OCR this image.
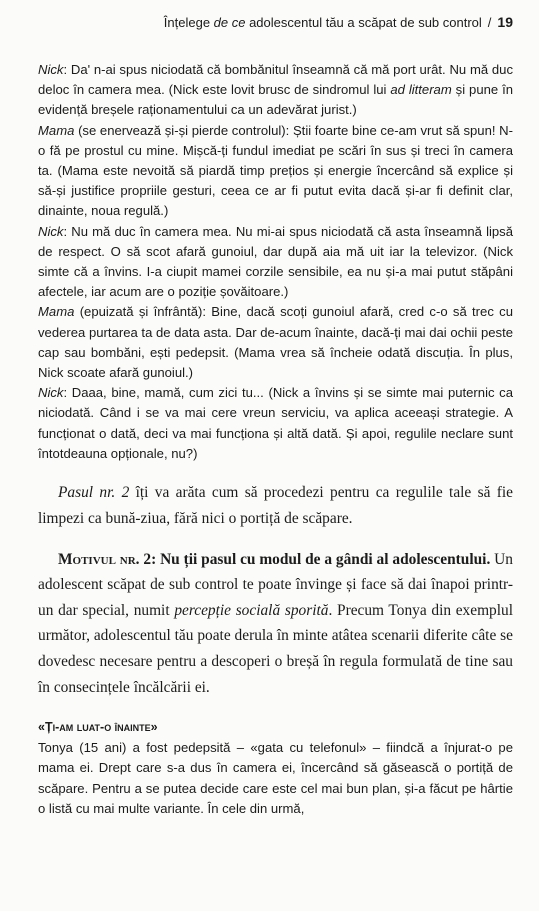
Înțelege de ce adolescentul tău a scăpat de sub control / 19

Nick: Da' n-ai spus niciodată că bombănitul înseamnă că mă port urât. Nu mă duc deloc în camera mea. (Nick este lovit brusc de sindromul lui ad litteram și pune în evidență breșele raționamentului ca un adevărat jurist.)

Mama (se enervează și-și pierde controlul): Știi foarte bine ce-am vrut să spun! N-o fă pe prostul cu mine. Mișcă-ți fundul imediat pe scări în sus și treci în camera ta. (Mama este nevoită să piardă timp prețios și energie încercând să explice și să-și justifice propriile gesturi, ceea ce ar fi putut evita dacă și-ar fi definit clar, dinainte, noua regulă.)

Nick: Nu mă duc în camera mea. Nu mi-ai spus niciodată că asta înseamnă lipsă de respect. O să scot afară gunoiul, dar după aia mă uit iar la televizor. (Nick simte că a învins. I-a ciupit mamei corzile sensibile, ea nu și-a mai putut stăpâni afectele, iar acum are o poziție șovăitoare.)

Mama (epuizată și înfrântă): Bine, dacă scoți gunoiul afară, cred c-o să trec cu vederea purtarea ta de data asta. Dar de-acum înainte, dacă-ți mai dai ochii peste cap sau bombăni, ești pedepsit. (Mama vrea să încheie odată discuția. În plus, Nick scoate afară gunoiul.)

Nick: Daaa, bine, mamă, cum zici tu... (Nick a învins și se simte mai puternic ca niciodată. Când i se va mai cere vreun serviciu, va aplica aceeași strategie. A funcționat o dată, deci va mai funcționa și altă dată. Și apoi, regulile neclare sunt întotdeauna opționale, nu?)

Pasul nr. 2 îți va arăta cum să procedezi pentru ca regulile tale să fie limpezi ca bună-ziua, fără nici o portiță de scăpare.

Motivul nr. 2: Nu ții pasul cu modul de a gândi al adolescentului. Un adolescent scăpat de sub control te poate învinge și face să dai înapoi printr-un dar special, numit percepție socială sporită. Precum Tonya din exemplul următor, adolescentul tău poate derula în minte atâtea scenarii diferite câte se dovedesc necesare pentru a descoperi o breșă în regula formulată de tine sau în consecințele încălcării ei.

«Ți-am luat-o înainte»

Tonya (15 ani) a fost pedepsită – «gata cu telefonul» – fiindcă a înjurat-o pe mama ei. Drept care s-a dus în camera ei, încercând să găsească o portiță de scăpare. Pentru a se putea decide care este cel mai bun plan, și-a făcut pe hârtie o listă cu mai multe variante. În cele din urmă,
